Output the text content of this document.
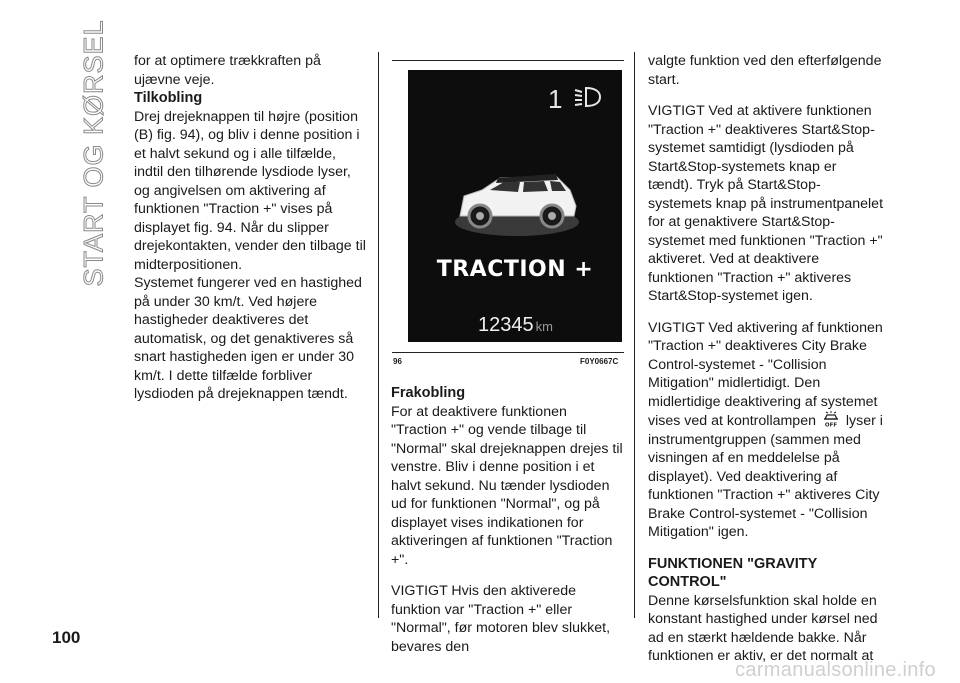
START OG KØRSEL for at optimere trækkraften på ujævne veje.

Tilkobling

Drej drejeknappen til højre (position (B) fig. 94), og bliv i denne position i et halvt sekund og i alle tilfælde, indtil den tilhørende lysdiode lyser, og angivelsen om aktivering af funktionen "Traction +" vises på displayet fig. 94. Når du slipper drejekontakten, vender den tilbage til midterpositionen.

Systemet fungerer ved en hastighed på under 30 km/t. Ved højere hastigheder deaktiveres det automatisk, og det genaktiveres så snart hastigheden igen er under 30 km/t. I dette tilfælde forbliver lysdioden på drejeknappen tændt.

1
TRACTION +
12345 km
96	F0Y0667C
Frakobling

For at deaktivere funktionen "Traction +" og vende tilbage til "Normal" skal drejeknappen drejes til venstre. Bliv i denne position i et halvt sekund. Nu tænder lysdioden ud for funktionen "Normal", og på displayet vises indikationen for aktiveringen af funktionen "Traction +".

VIGTIGT Hvis den aktiverede funktion var "Traction +" eller "Normal", før motoren blev slukket, bevares den

valgte funktion ved den efterfølgende start.

VIGTIGT Ved at aktivere funktionen "Traction +" deaktiveres Start&Stop-systemet samtidigt (lysdioden på Start&Stop-systemets knap er tændt). Tryk på Start&Stop-systemets knap på instrumentpanelet for at genaktivere Start&Stop-systemet med funktionen "Traction +" aktiveret. Ved at deaktivere funktionen "Traction +" aktiveres Start&Stop-systemet igen.

VIGTIGT Ved aktivering af funktionen "Traction +" deaktiveres City Brake Control-systemet - "Collision Mitigation" midlertidigt. Den midlertidige deaktivering af systemet vises ved at kontrollampen OFF lyser i instrumentgruppen (sammen med visningen af en meddelelse på displayet). Ved deaktivering af funktionen "Traction +" aktiveres City Brake Control-systemet - "Collision Mitigation" igen.

FUNKTIONEN "GRAVITY CONTROL"

Denne kørselsfunktion skal holde en konstant hastighed under kørsel ned ad en stærkt hældende bakke. Når funktionen er aktiv, er det normalt at

100
carmanualsonline.info
